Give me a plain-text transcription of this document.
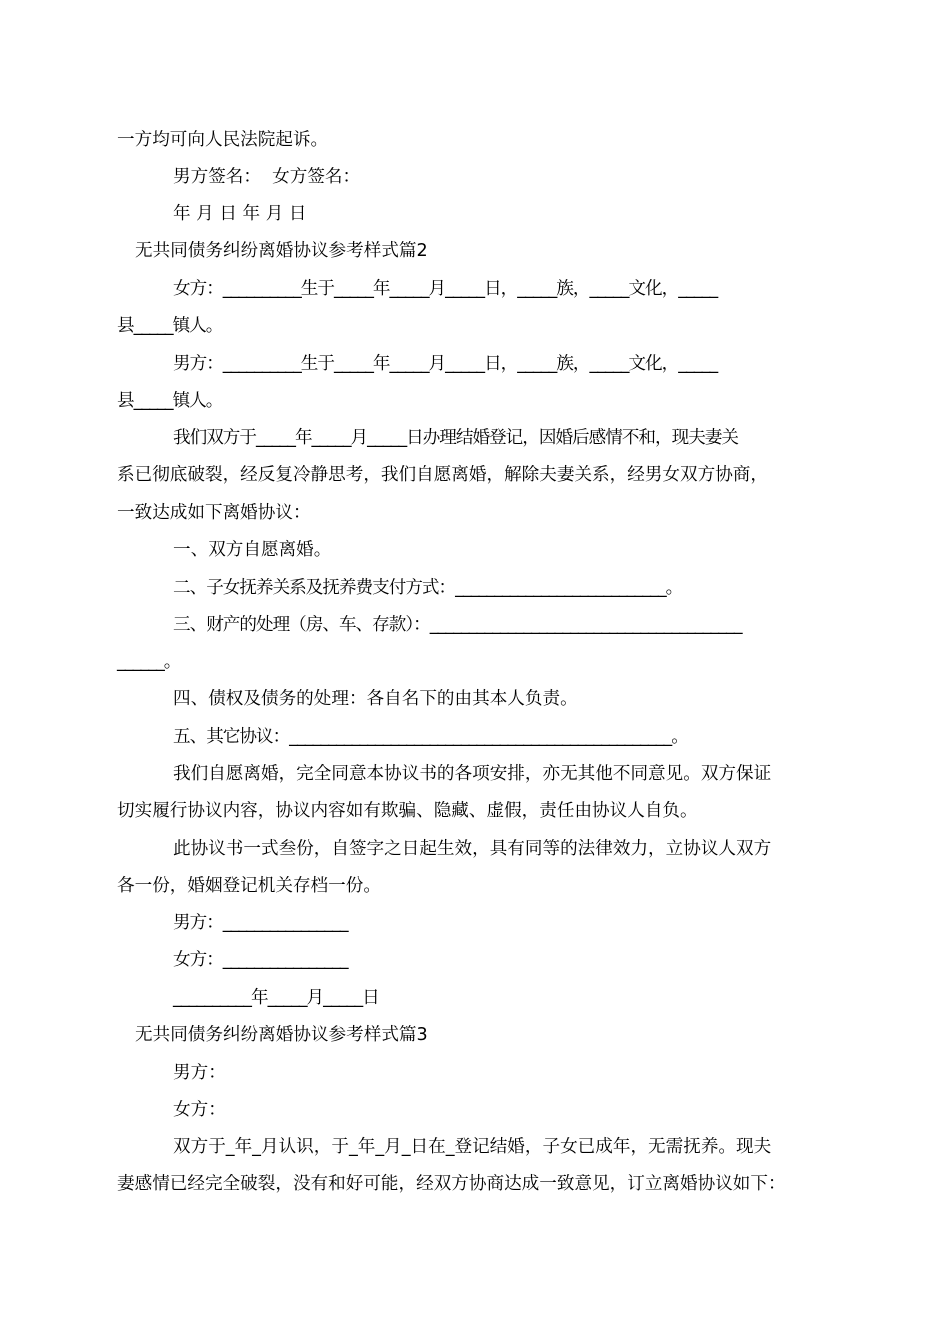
一方均可向人民法院起诉。
男方签名：  女方签名：
年 月 日 年 月 日
无共同债务纠纷离婚协议参考样式篇2
女方：__________生于_____年_____月_____日，_____族，_____文化，_____
县_____镇人。
男方：__________生于_____年_____月_____日，_____族，_____文化，_____
县_____镇人。
我们双方于_____年_____月_____日办理结婚登记，因婚后感情不和，现夫妻关
系已彻底破裂，经反复冷静思考，我们自愿离婚，解除夫妻关系，经男女双方协商，
一致达成如下离婚协议：
一、双方自愿离婚。
二、子女抚养关系及抚养费支付方式：___________________________。
三、财产的处理（房、车、存款）：________________________________________
______。
四、债权及债务的处理：各自名下的由其本人负责。
五、其它协议：_________________________________________________。
我们自愿离婚，完全同意本协议书的各项安排，亦无其他不同意见。双方保证
切实履行协议内容，协议内容如有欺骗、隐藏、虚假，责任由协议人自负。
此协议书一式叁份，自签字之日起生效，具有同等的法律效力，立协议人双方
各一份，婚姻登记机关存档一份。
男方：________________
女方：________________
__________年_____月_____日
无共同债务纠纷离婚协议参考样式篇3
男方：
女方：
双方于_年_月认识，于_年_月_日在_登记结婚，子女已成年，无需抚养。现夫
妻感情已经完全破裂，没有和好可能，经双方协商达成一致意见，订立离婚协议如下：
